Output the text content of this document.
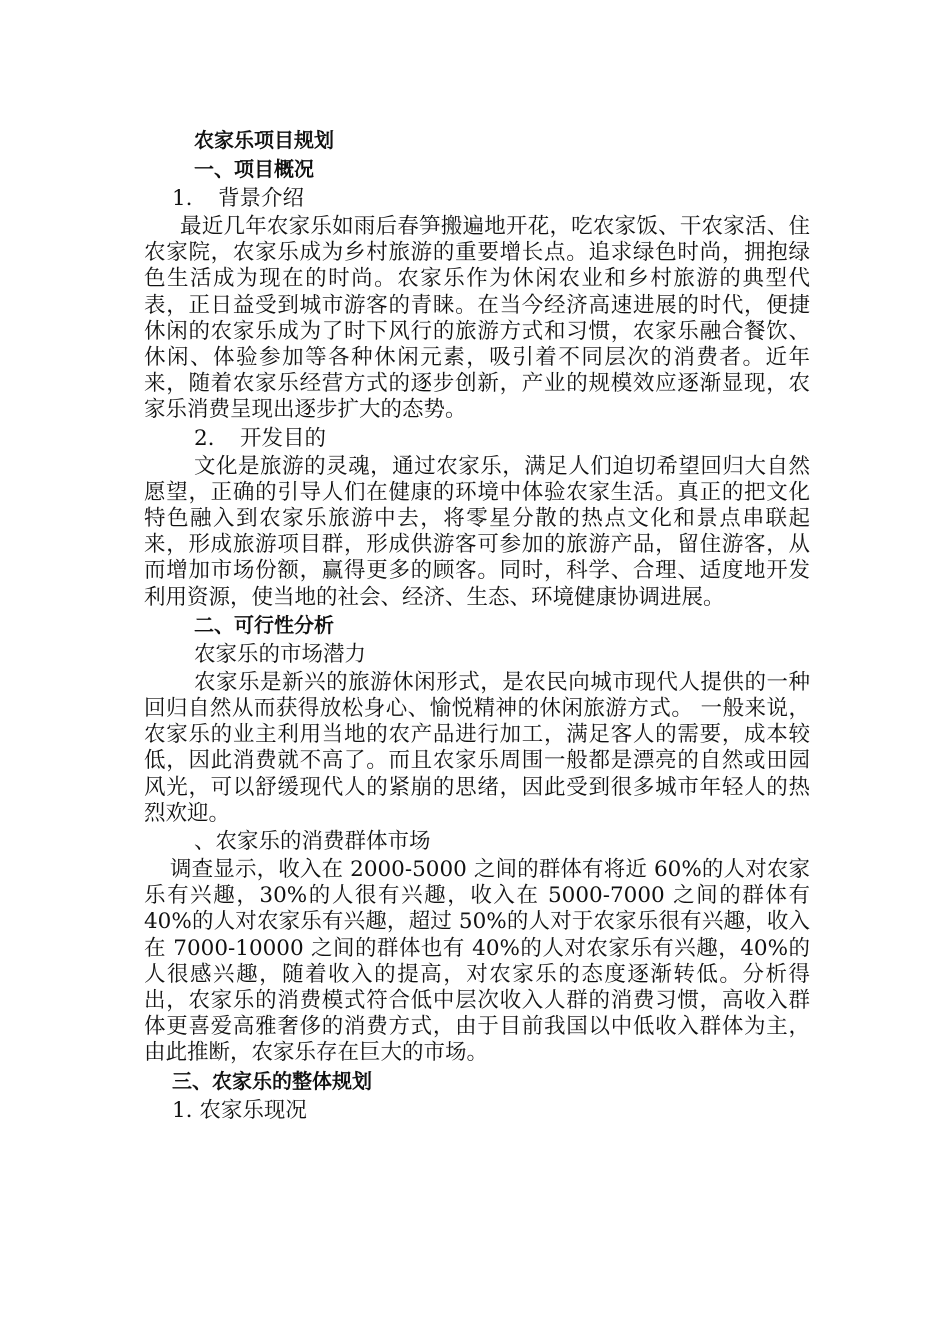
农家乐项目规划

一、项目概况

1. 背景介绍

最近几年农家乐如雨后春笋搬遍地开花，吃农家饭、干农家活、住农家院，农家乐成为乡村旅游的重要增长点。追求绿色时尚，拥抱绿色生活成为现在的时尚。农家乐作为休闲农业和乡村旅游的典型代表，正日益受到城市游客的青睐。在当今经济高速进展的时代，便捷休闲的农家乐成为了时下风行的旅游方式和习惯，农家乐融合餐饮、休闲、体验参加等各种休闲元素，吸引着不同层次的消费者。近年来，随着农家乐经营方式的逐步创新，产业的规模效应逐渐显现，农家乐消费呈现出逐步扩大的态势。

2. 开发目的

文化是旅游的灵魂，通过农家乐，满足人们迫切希望回归大自然愿望，正确的引导人们在健康的环境中体验农家生活。真正的把文化特色融入到农家乐旅游中去，将零星分散的热点文化和景点串联起来，形成旅游项目群，形成供游客可参加的旅游产品，留住游客，从而增加市场份额，赢得更多的顾客。同时，科学、合理、适度地开发利用资源，使当地的社会、经济、生态、环境健康协调进展。

二、可行性分析

农家乐的市场潜力

农家乐是新兴的旅游休闲形式，是农民向城市现代人提供的一种回归自然从而获得放松身心、愉悦精神的休闲旅游方式。 一般来说，农家乐的业主利用当地的农产品进行加工，满足客人的需要，成本较低，因此消费就不高了。而且农家乐周围一般都是漂亮的自然或田园风光，可以舒缓现代人的紧崩的思绪，因此受到很多城市年轻人的热烈欢迎。

、农家乐的消费群体市场

调查显示，收入在 2000-5000 之间的群体有将近 60%的人对农家乐有兴趣，30%的人很有兴趣，收入在 5000-7000 之间的群体有 40%的人对农家乐有兴趣，超过 50%的人对于农家乐很有兴趣，收入在 7000-10000 之间的群体也有 40%的人对农家乐有兴趣，40%的人很感兴趣，随着收入的提高，对农家乐的态度逐渐转低。分析得出，农家乐的消费模式符合低中层次收入人群的消费习惯，高收入群体更喜爱高雅奢侈的消费方式，由于目前我国以中低收入群体为主，由此推断，农家乐存在巨大的市场。

三、农家乐的整体规划

1. 农家乐现况
